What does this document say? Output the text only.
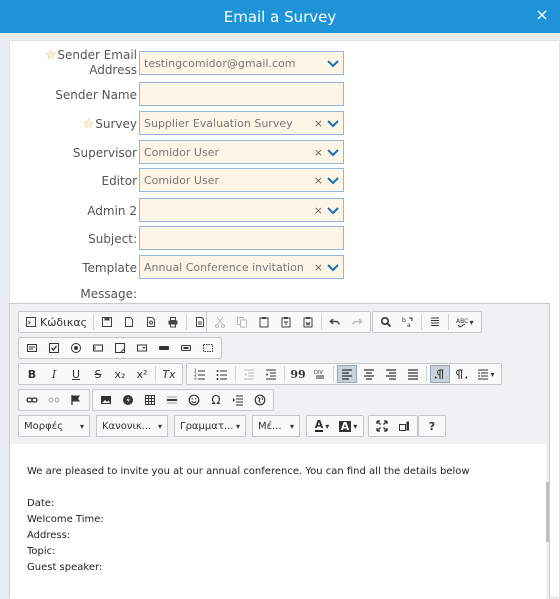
Email a Survey	×
☆Sender Email
Address testingcomidor@gmail.com
Sender Name
☆ Survey Supplier Evaluation Survey	×
Supervisor Comidor User	×
Editor Comidor User	×
Admin 2	×
Subject:
Template Annual Conference invitation ×
Message:
Κώδικας	b
a
ABC ▾
B	I	U	S	x₂	x²	Tx	1
2
3	99	DIV	▾
Ω
Μορφές ▾ Κανονικ... ▾ Γραμματ... ▾ Μέ... ▾ A ▾ A ▾	?

We are pleased to invite you at our annual conference. You can find all the details below

Date:

Welcome Time:

Address:

Topic:

Guest speaker:
